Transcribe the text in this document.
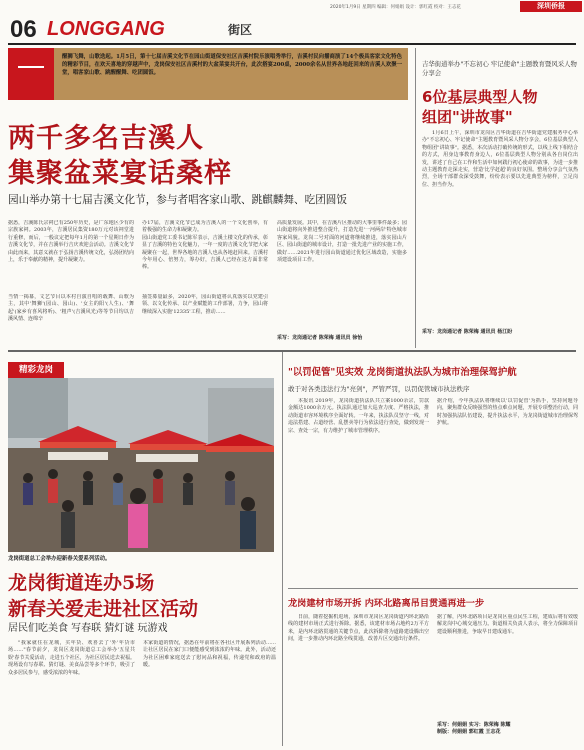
2020年1月9日 星期四 编辑：何娟娟 设计：郭红霞 校对：王志花	深圳侨报
06 LONGGANG	街区
醒狮飞舞，山歌迭起。1月5日，第十七届吉溪文化节在园山街道保安社区吉溪村院乐演唱秀举行，吉溪村民向播商演了14个极具客家文化特色的精彩节目，在欢天喜地的穿越声中，龙岗保安社区吉溪村的大盆菜宴共开台，此次搭宴200桌，2000余名从世界各地赶回来的吉溪人欢聚一堂，唱客家山歌、跳醒醒舞、吃团圆饭。
两千多名吉溪人
集聚盆菜宴话桑梓
园山举办第十七届吉溪文化节，参与者唱客家山歌、跳麒麟舞、吃团圆饭
据悉，吉溪陈氏宗祠已有250年历史，是广东地区少有的宗族家祠。2003年，吉溪居民集资180万元对该祠堂进行重修，而后，一般议定把每年1月的第一个星期日作为吉溪文化节，并在吉溪举行吉庆欢迎会活动。吉溪文化节由此而来，其意义就在于弘扬吉溪传统文化，弘扬团结向上，乐于奉献的精神，提升凝聚力。
当情一揭幕，文艺节目以本村自演自唱的载舞、山歌为主，其中'舞狮'(园山、园山)、'女主的阳'(人生)、'舞起'(家乡有喜风将听)、'粗声'(吉溪风光)等等节目均以吉溪风情、连绵辛
办17届，吉溪文化节已成为吉溪人的一个文化创举，有着极强的生命力和凝聚力。
园山街道党工委书记陈军表示，吉溪土楼文化的传承，彰显了吉溪的特色文化魅力，一年一度的吉溪文化节把大家凝聚在一起，世界各地的吉溪人也从各地赶回来。吉溪村今年用心、倍努力，筹办好，吉溪人已经在这方面非常棒。
抽签募量最多，2020年，园山街道将认真落实以党建引领、以文化传承、以产业赋能的工作部署，力争，园山将继续深入实施'12335'工程，推动……
高质量发展。其中，在吉溪片区推动的大事里事件最多；园山街道将向外推进整合提升，打造先进'一河两岸'特色城市客家风貌。龙岗二号对面的河道将继续推进，落实园山片区、园山街道的城市设计，打造一批先进产业的实施工作，做好……2021年进行园山街道通过优化区域改造，实施多项建设项目工作。
采写：龙岗通记者 陈荣梅 通讯员 徐怡
吉华街道举办"不忘初心 牢记使命"主题教育暨风采人物分享会
6位基层典型人物
组团"讲故事"
1月6日上午，深圳市龙岗区吉华街道在吉华街道党建服务中心举办"不忘初心、牢记使命"主题教育暨风采人物分享会，6位基层典型人物组团"讲故事"。据悉，本次活动打破传统的形式，以线上线下相结合的方式，用身边事教育身边人，6位基层典型人物分别从各自岗位出发，讲述了自己在工作和生活中如何践行初心使命的故事，为进一步推动主题教育走深走实，营造'比学赶超'的良好氛围。整场分享会气氛热烈，全场干部群众深受鼓舞，纷纷表示要以先进典型为榜样，立足岗位、担当作为。
采写：龙岗通记者 陈荣梅 通讯员 杨江盼
精彩龙岗
龙岗街道总工会举办迎新春关爱系列活动。
龙岗街道连办5场
新春关爱走进社区活动
居民们吃美食 写春联 猜灯谜 玩游戏
"我家就住在龙城，买年货、欢喜去了'外'年货市场……"春节前夕，龙岗区龙岗街道总工会举办'五星共娱'春节关爱活动，走进五个社区，为社区居民送去祝福。现场设有写春联、猜灯谜、美食品尝等多个环节，吸引了众多居民参与，感受浓浓的年味。
本家街道的情况，据悉在年前将在各社区开展系列活动……让社区居民在家门口便能感受到浓浓的年味。此外，活动还为社区困难家庭送去了慰问品和祝福，传递党和政府的温暖。
"以罚促管"见实效 龙岗街道执法队为城市治理保驾护航
敢于对各类违法行为"亮剑"，严管严罚，以罚促管城市执法秩序
本报讯 2019年，龙岗街道执法队共立案1000余宗，罚款金额达1000余万元。执法队通过加大巡查力度、严格执法，推动街道市容环境秩序全面好转。一年来，执法队员坚守一线，对违法搭建、占道经营、乱摆卖等行为依法进行查处，做到发现一宗、查处一宗，有力维护了城市管理秩序。
据介绍，今年执法队将继续以'以罚促管'为抓手，坚持问题导向，聚焦群众反映强烈的热点难点问题，开展专项整治行动，同时加强执法队伍建设，提升执法水平，为龙岗街道城市治理保驾护航。
龙岗建材市场开拆 内环北路离吊目贯通再进一步
日前，随着挖掘机进场，深圳市龙岗区龙岗街道内环北路沿线的建材市场正式进行拆除。据悉，该建材市场占地约2万平方米，是内环北路贯通的关键节点，此次拆除将为道路建设腾出空间，进一步推动内环北路全线贯通，改善片区交通出行条件。
据了解，内环北路项目是龙岗区重点民生工程，建成后将有效缓解龙岗中心城交通压力。街道相关负责人表示，将全力保障项目建设顺利推进，争取早日建成通车。
采写：何娟娟 实习：陈荣梅 陈耀
制版：何娟娟 郭红霞 王志花
